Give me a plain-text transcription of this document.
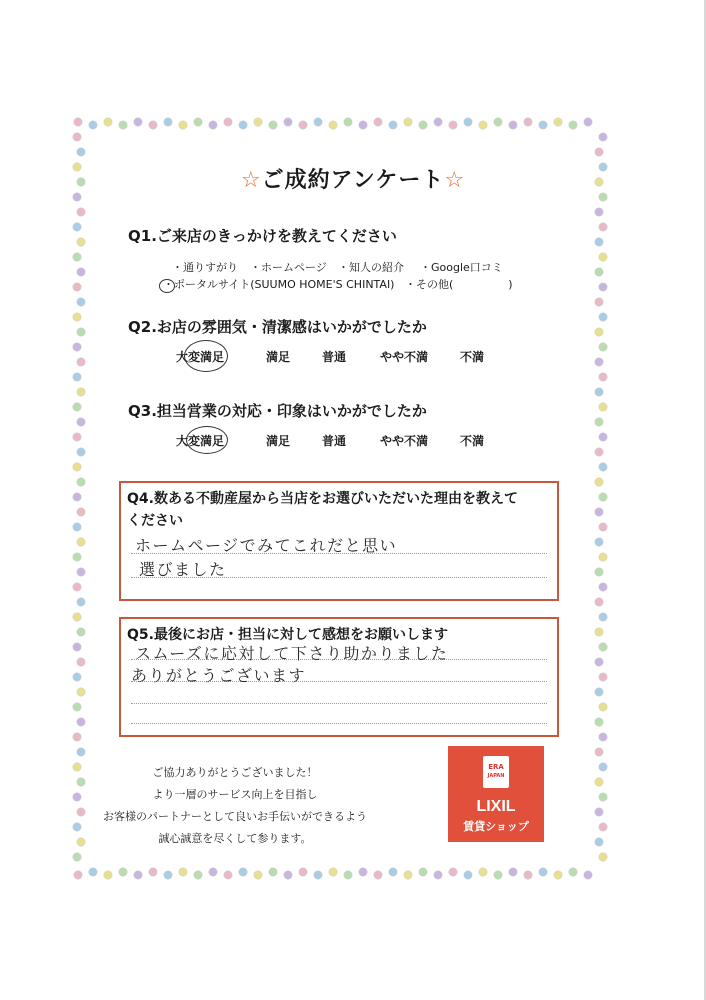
☆ご成約アンケート☆
Q1.ご来店のきっかけを教えてください
・通りすがり ・ホームページ ・知人の紹介 ・Google口コミ
・ポータルサイト(SUUMO HOME'S CHINTAI) ・その他(　　　　　)
Q2.お店の雰囲気・清潔感はいかがでしたか
大変満足	満足	普通	やや不満	不満
Q3.担当営業の対応・印象はいかがでしたか
大変満足	満足	普通	やや不満	不満
Q4.数ある不動産屋から当店をお選びいただいた理由を教えて
ください
ホームページでみてこれだと思い
選びました
Q5.最後にお店・担当に対して感想をお願いします
スムーズに応対して下さり助かりました
ありがとうございます
ご協力ありがとうございました！
より一層のサービス向上を目指し
お客様のパートナーとして良いお手伝いができるよう
誠心誠意を尽くして参ります。
ERA
JAPAN
LIXIL
賃貸ショップ
